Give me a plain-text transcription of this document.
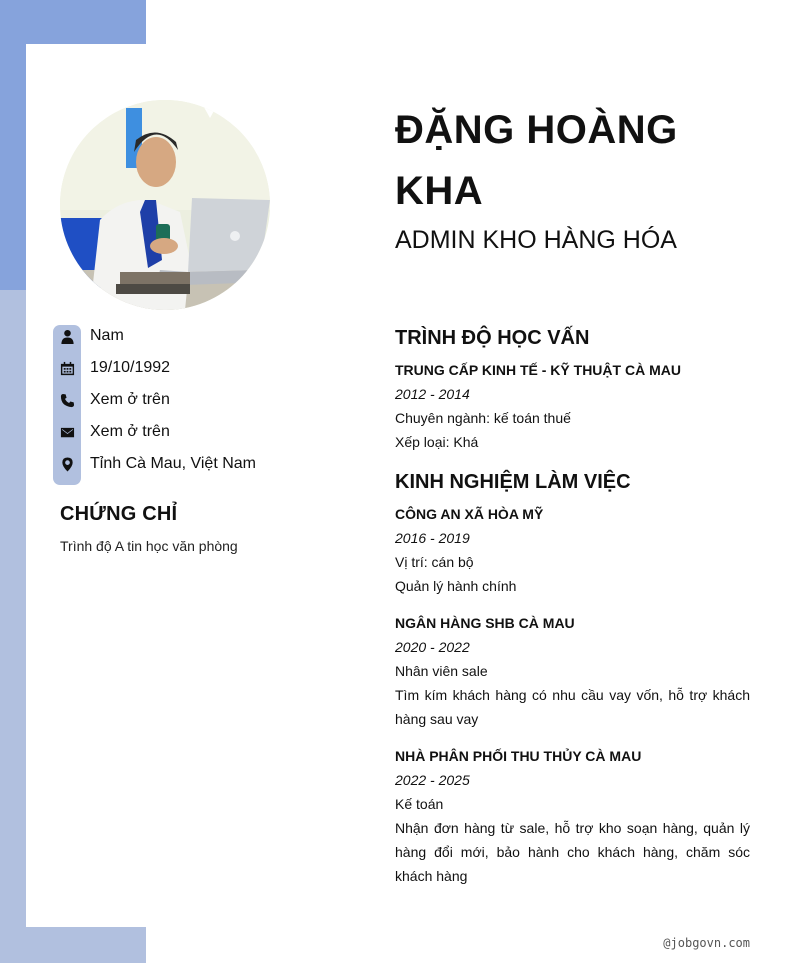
Nam
19/10/1992
Xem ở trên
Xem ở trên
Tỉnh Cà Mau, Việt Nam
CHỨNG CHỈ
Trình độ A tin học văn phòng
ĐẶNG HOÀNG KHA
ADMIN KHO HÀNG HÓA
TRÌNH ĐỘ HỌC VẤN
TRUNG CẤP KINH TẾ - KỸ THUẬT CÀ MAU
2012 - 2014
Chuyên ngành: kế toán thuế
Xếp loại: Khá
KINH NGHIỆM LÀM VIỆC
CÔNG AN XÃ HÒA MỸ
2016 - 2019
Vị trí: cán bộ
Quản lý hành chính
NGÂN HÀNG SHB CÀ MAU
2020 - 2022
Nhân viên sale
Tìm kím khách hàng có nhu cầu vay vốn, hỗ trợ khách hàng sau vay
NHÀ PHÂN PHỐI THU THỦY CÀ MAU
2022 - 2025
Kế toán
Nhận đơn hàng từ sale, hỗ trợ kho soạn hàng, quản lý hàng đổi mới, bảo hành cho khách hàng, chăm sóc khách hàng
@jobgovn.com
